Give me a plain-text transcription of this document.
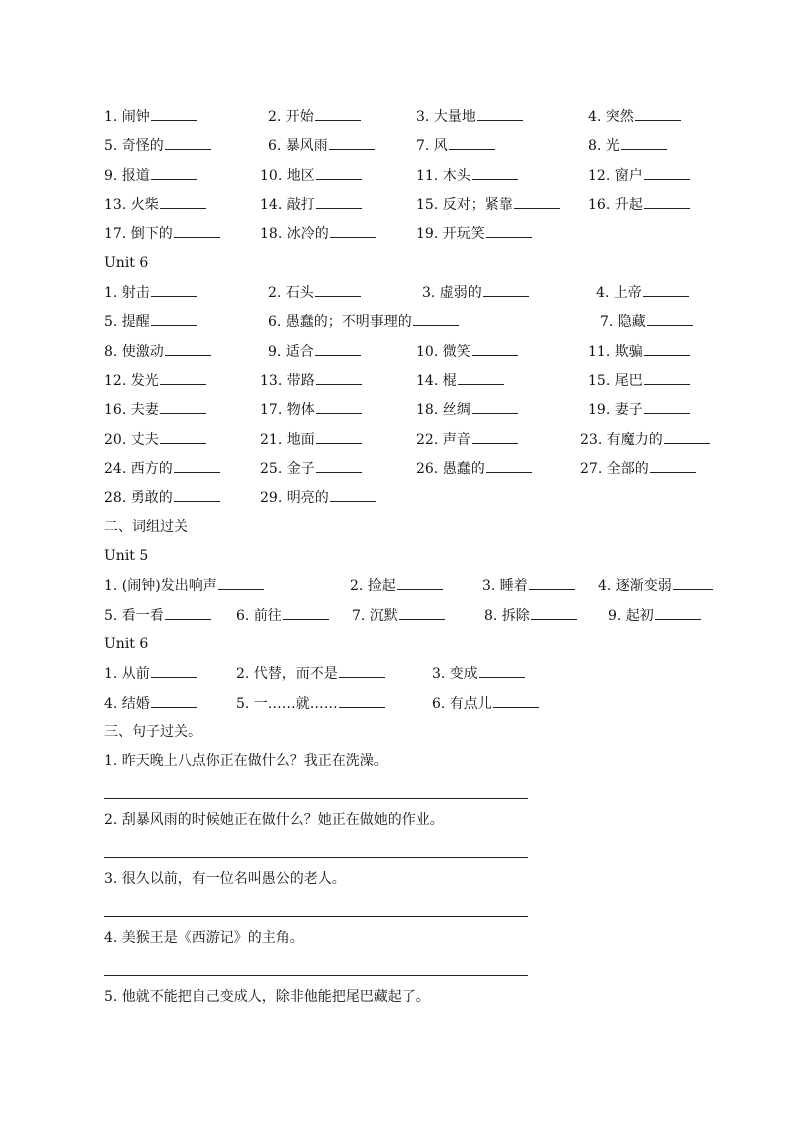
1. 闹钟	2. 开始	3. 大量地	4. 突然
5. 奇怪的	6. 暴风雨	7. 风	8. 光
9. 报道	10. 地区	11. 木头	12. 窗户
13. 火柴	14. 敲打	15. 反对；紧靠	16. 升起
17. 倒下的	18. 冰冷的	19. 开玩笑
Unit 6
1. 射击	2. 石头	3. 虚弱的	4. 上帝
5. 提醒	6. 愚蠢的；不明事理的	7. 隐藏
8. 使激动	9. 适合	10. 微笑	11. 欺骗
12. 发光	13. 带路	14. 棍	15. 尾巴
16. 夫妻	17. 物体	18. 丝绸	19. 妻子
20. 丈夫	21. 地面	22. 声音	23. 有魔力的
24. 西方的	25. 金子	26. 愚蠢的	27. 全部的
28. 勇敢的	29. 明亮的
二、词组过关
Unit 5
1. (闹钟)发出响声	2. 捡起	3. 睡着	4. 逐渐变弱
5. 看一看	6. 前往	7. 沉默	8. 拆除	9. 起初
Unit 6
1. 从前	2. 代替，而不是	3. 变成
4. 结婚	5. 一……就……	6. 有点儿
三、句子过关。
1. 昨天晚上八点你正在做什么？我正在洗澡。
2. 刮暴风雨的时候她正在做什么？她正在做她的作业。
3. 很久以前，有一位名叫愚公的老人。
4. 美猴王是《西游记》的主角。
5. 他就不能把自己变成人，除非他能把尾巴藏起了。
